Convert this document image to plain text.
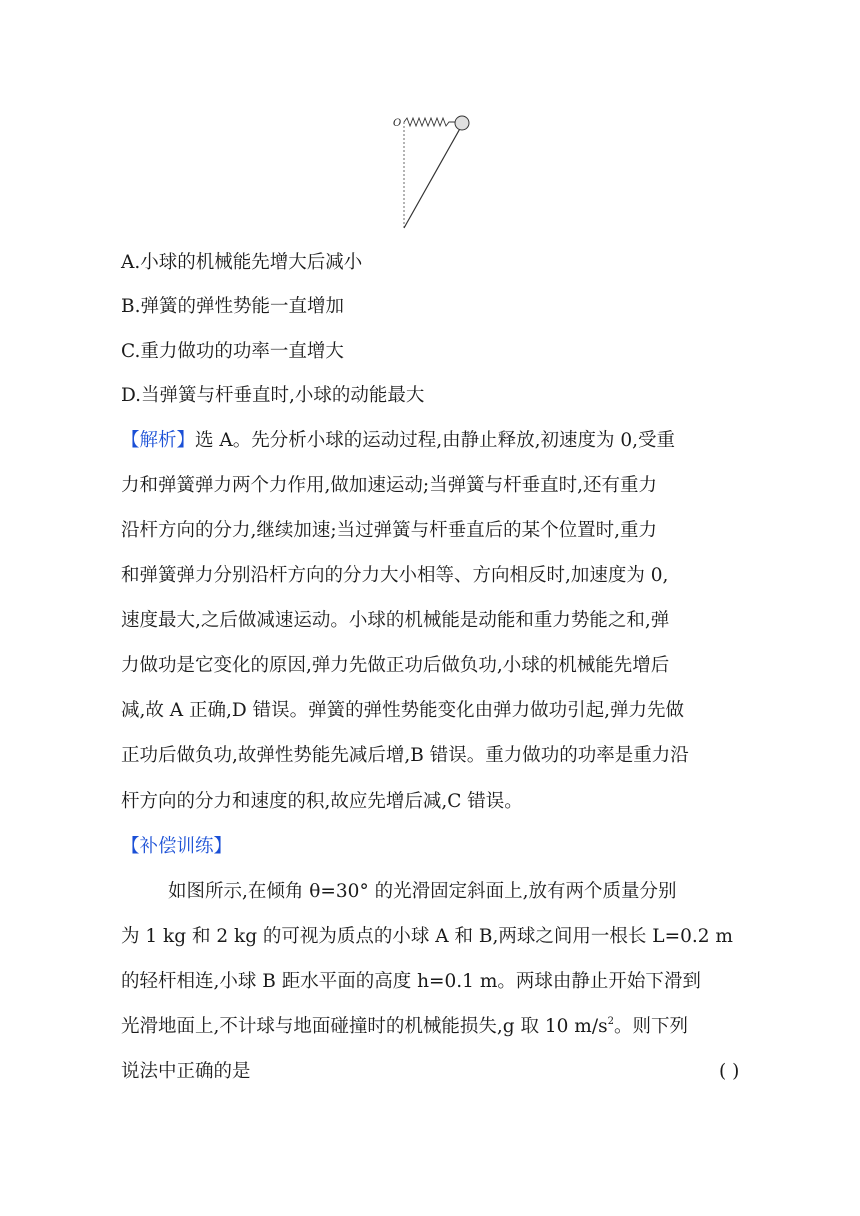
O
A.小球的机械能先增大后减小
B.弹簧的弹性势能一直增加
C.重力做功的功率一直增大
D.当弹簧与杆垂直时,小球的动能最大
【解析】选 A。先分析小球的运动过程,由静止释放,初速度为 0,受重
力和弹簧弹力两个力作用,做加速运动;当弹簧与杆垂直时,还有重力
沿杆方向的分力,继续加速;当过弹簧与杆垂直后的某个位置时,重力
和弹簧弹力分别沿杆方向的分力大小相等、方向相反时,加速度为 0,
速度最大,之后做减速运动。小球的机械能是动能和重力势能之和,弹
力做功是它变化的原因,弹力先做正功后做负功,小球的机械能先增后
减,故 A 正确,D 错误。弹簧的弹性势能变化由弹力做功引起,弹力先做
正功后做负功,故弹性势能先减后增,B 错误。重力做功的功率是重力沿
杆方向的分力和速度的积,故应先增后减,C 错误。
【补偿训练】
如图所示,在倾角 θ=30° 的光滑固定斜面上,放有两个质量分别
为 1 kg 和 2 kg 的可视为质点的小球 A 和 B,两球之间用一根长 L=0.2 m
的轻杆相连,小球 B 距水平面的高度 h=0.1 m。两球由静止开始下滑到
光滑地面上,不计球与地面碰撞时的机械能损失,g 取 10 $m/s^2$。则下列
说法中正确的是	( )
